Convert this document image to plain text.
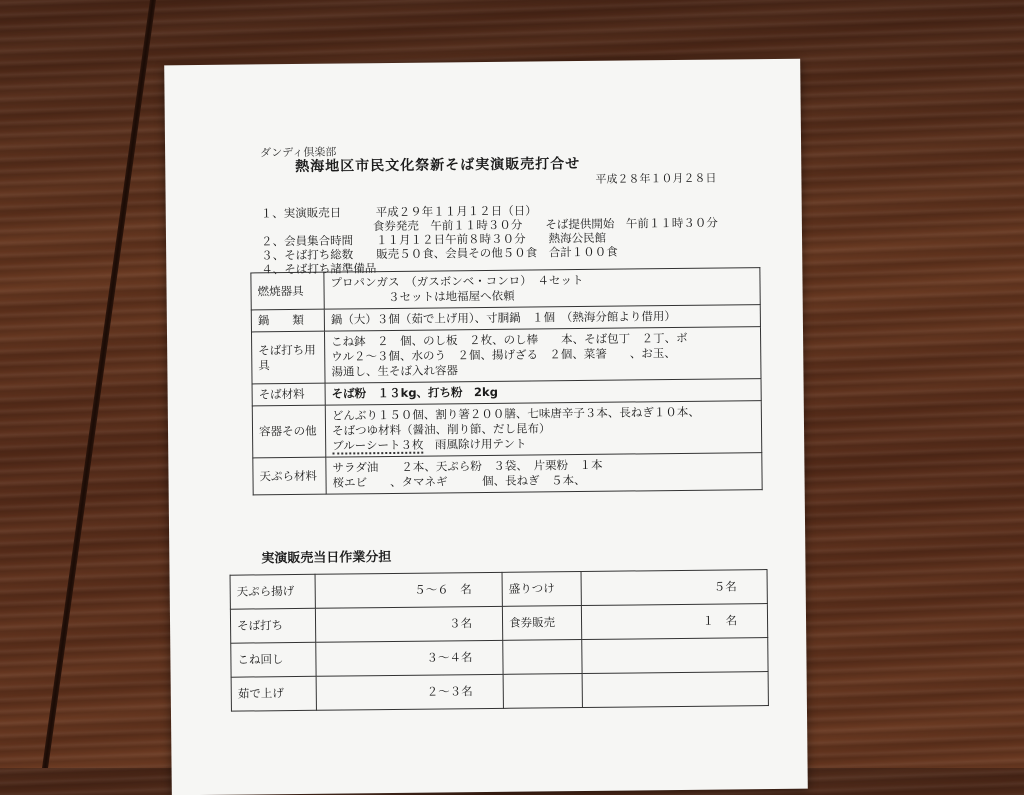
ダンディ倶楽部
熱海地区市民文化祭新そば実演販売打合せ
平成２８年１０月２８日
１、実演販売日	平成２９年１１月１２日（日）
食券発売　午前１１時３０分　　そば提供開始　午前１１時３０分
２、会員集合時間 １１月１２日午前８時３０分　　熱海公民館
３、そば打ち総数 販売５０食、会員その他５０食　合計１００食
４、そば打ち諸準備品
燃焼器具	プロパンガス　（ガスボンベ・コンロ）　４セット
　　　　　３セットは地福屋へ依頼

鍋　　類	鍋（大）３個（茹で上げ用）、寸胴鍋　１個　（熱海分館より借用）

そば打ち用具	こね鉢　２　個、のし板　２枚、のし棒　　本、そば包丁　２丁、ボ
ウル２～３個、水のう　２個、揚げざる　２個、菜箸　　、お玉、
湯通し、生そば入れ容器

そば材料	そば粉　１３kg、打ち粉　2kg

容器その他	どんぶり１５０個、割り箸２００膳、七味唐辛子３本、長ねぎ１０本、
そばつゆ材料（醤油、削り節、だし昆布）
ブルーシート３枚　 雨風除け用テント

天ぷら材料	サラダ油　　２本、天ぷら粉　３袋、　片栗粉　１本
桜エビ　　、タマネギ　　　個、長ねぎ　５本、
実演販売当日作業分担
天ぷら揚げ	５～６　名	盛りつけ	５名
そば打ち	３名	食券販売	１　名
こね回し	３～４名		
茹で上げ	２～３名		
